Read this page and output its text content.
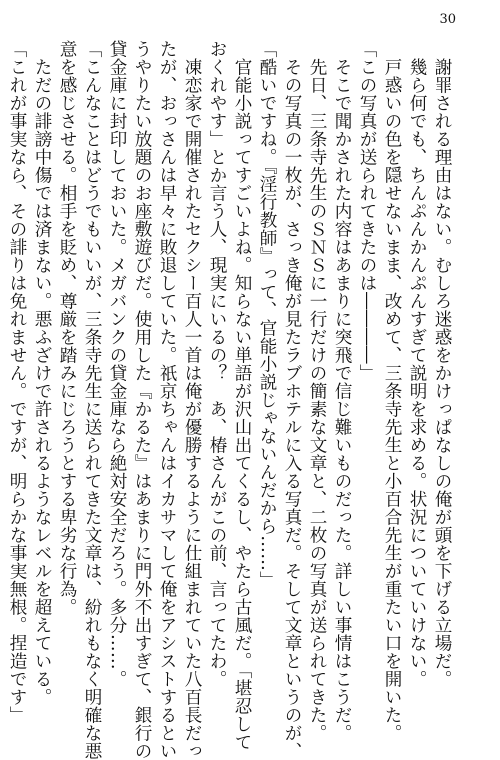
30

　謝罪される理由はない。むしろ迷惑をかけっぱなしの俺が頭を下げる立場だ。

　幾ら何でも、ちんぷんかんぷんすぎて説明を求める。状況についていけない。

　戸惑いの色を隠せないまま、改めて、三条寺先生と小百合先生が重たい口を開いた。

「この写真が送られてきたのは――――」

　そこで聞かされた内容はあまりに突飛で信じ難いものだった。詳しい事情はこうだ。

　先日、三条寺先生のＳＮＳに一行だけの簡素な文章と、二枚の写真が送られてきた。

　その写真の一枚が、さっき俺が見たラブホテルに入る写真だ。そして文章というのが、

「酷いですね。『淫行教師』って、官能小説じゃないんだから……」

　官能小説ってすごいよね。知らない単語が沢山出てくるし、やたら古風だ。「堪忍して

おくれやす」とか言う人、現実にいるの？　あ、椿さんがこの前、言ってたわ。

　凍恋家で開催されたセクシー百人一首は俺が優勝するように仕組まれていた八百長だっ

たが、おっさんは早々に敗退していた。祇京ちゃんはイカサマして俺をアシストするとい

うやりたい放題のお座敷遊びだ。使用した『かるた』はあまりに門外不出すぎて、銀行の

貸金庫に封印しておいた。メガバンクの貸金庫なら絶対安全だろう。多分……。

「こんなことはどうでもいいが、三条寺先生に送られてきた文章は、紛れもなく明確な悪

意を感じさせる。相手を貶め、尊厳を踏みにじろうとする卑劣な行為。

　ただの誹謗中傷では済まない。悪ふざけで許されるようなレベルを超えている。

「これが事実なら、その誹りは免れません。ですが、明らかな事実無根。捏造です」
